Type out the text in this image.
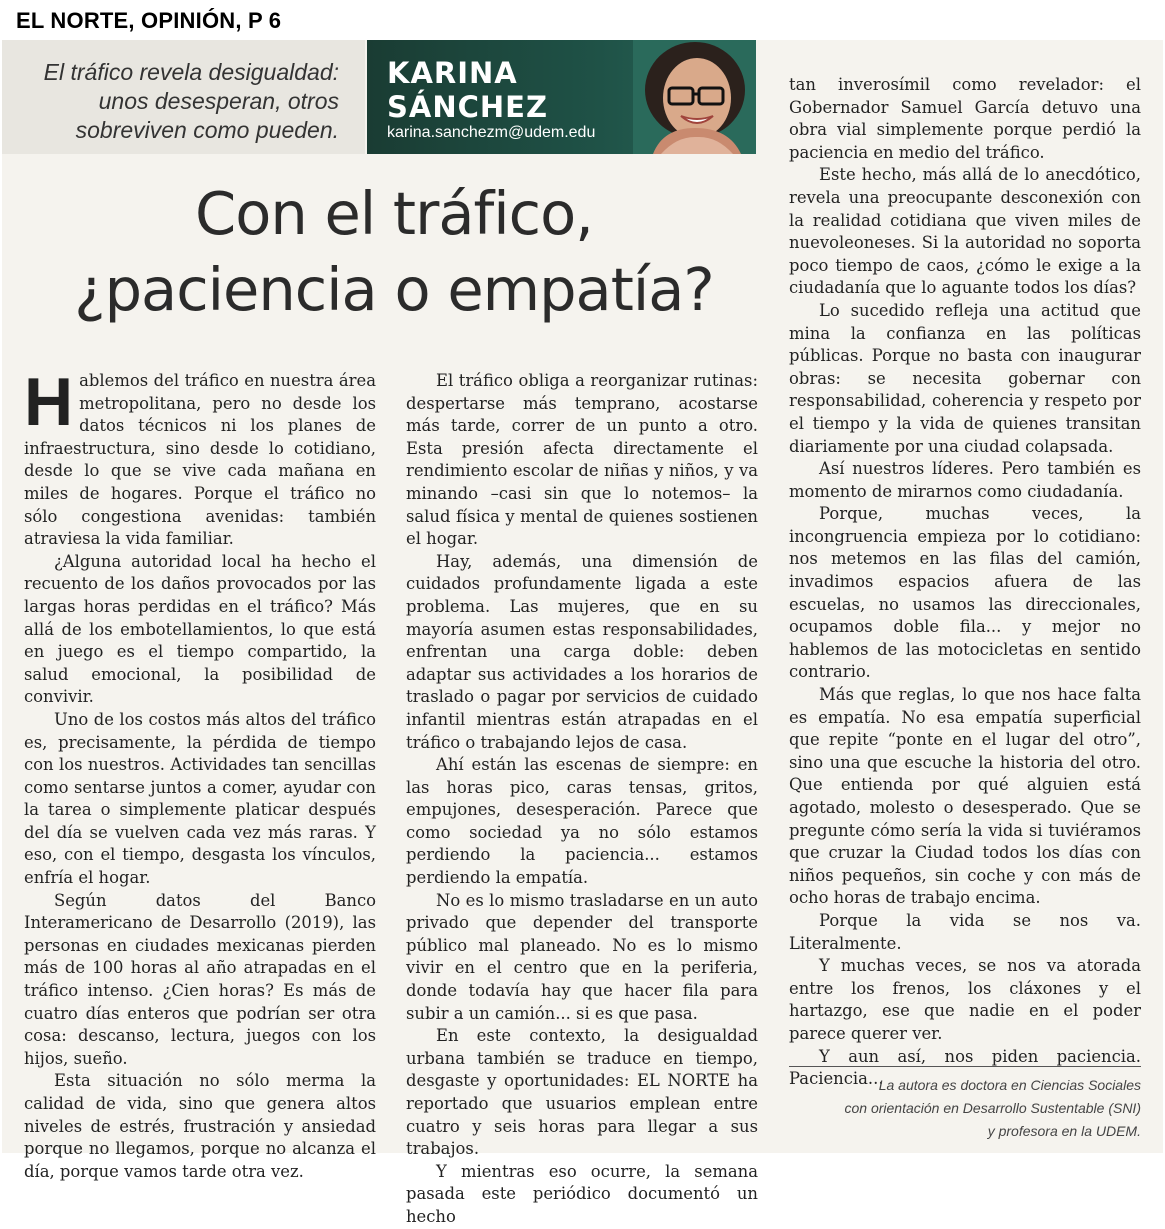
EL NORTE, OPINIÓN, P 6
El tráfico revela desigualdad: unos desesperan, otros sobreviven como pueden.
KARINA
SÁNCHEZ
karina.sanchezm@udem.edu
Con el tráfico,
¿paciencia o empatía?

Hablemos del tráfico en nuestra área metropolitana, pero no desde los datos técnicos ni los planes de infraestructura, sino desde lo cotidiano, desde lo que se vive cada mañana en miles de hogares. Porque el tráfico no sólo congestiona avenidas: también atraviesa la vida familiar.

¿Alguna autoridad local ha hecho el recuento de los daños provocados por las largas horas perdidas en el tráfico? Más allá de los embotellamientos, lo que está en juego es el tiempo compartido, la salud emocional, la posibilidad de convivir.

Uno de los costos más altos del tráfico es, precisamente, la pérdida de tiempo con los nuestros. Actividades tan sencillas como sentarse juntos a comer, ayudar con la tarea o simplemente platicar después del día se vuelven cada vez más raras. Y eso, con el tiempo, desgasta los vínculos, enfría el hogar.

Según datos del Banco Interamericano de Desarrollo (2019), las personas en ciudades mexicanas pierden más de 100 horas al año atrapadas en el tráfico intenso. ¿Cien horas? Es más de cuatro días enteros que podrían ser otra cosa: descanso, lectura, juegos con los hijos, sueño.

Esta situación no sólo merma la calidad de vida, sino que genera altos niveles de estrés, frustración y ansiedad porque no llegamos, porque no alcanza el día, porque vamos tarde otra vez.

El tráfico obliga a reorganizar rutinas: despertarse más temprano, acostarse más tarde, correr de un punto a otro. Esta presión afecta directamente el rendimiento escolar de niñas y niños, y va minando –casi sin que lo notemos– la salud física y mental de quienes sostienen el hogar.

Hay, además, una dimensión de cuidados profundamente ligada a este problema. Las mujeres, que en su mayoría asumen estas responsabilidades, enfrentan una carga doble: deben adaptar sus actividades a los horarios de traslado o pagar por servicios de cuidado infantil mientras están atrapadas en el tráfico o trabajando lejos de casa.

Ahí están las escenas de siempre: en las horas pico, caras tensas, gritos, empujones, desesperación. Parece que como sociedad ya no sólo estamos perdiendo la paciencia... estamos perdiendo la empatía.

No es lo mismo trasladarse en un auto privado que depender del transporte público mal planeado. No es lo mismo vivir en el centro que en la periferia, donde todavía hay que hacer fila para subir a un camión... si es que pasa.

En este contexto, la desigualdad urbana también se traduce en tiempo, desgaste y oportunidades: EL NORTE ha reportado que usuarios emplean entre cuatro y seis horas para llegar a sus trabajos.

Y mientras eso ocurre, la semana pasada este periódico documentó un hecho

tan inverosímil como revelador: el Gobernador Samuel García detuvo una obra vial simplemente porque perdió la paciencia en medio del tráfico.

Este hecho, más allá de lo anecdótico, revela una preocupante desconexión con la realidad cotidiana que viven miles de nuevoleoneses. Si la autoridad no soporta poco tiempo de caos, ¿cómo le exige a la ciudadanía que lo aguante todos los días?

Lo sucedido refleja una actitud que mina la confianza en las políticas públicas. Porque no basta con inaugurar obras: se necesita gobernar con responsabilidad, coherencia y respeto por el tiempo y la vida de quienes transitan diariamente por una ciudad colapsada.

Así nuestros líderes. Pero también es momento de mirarnos como ciudadanía.

Porque, muchas veces, la incongruencia empieza por lo cotidiano: nos metemos en las filas del camión, invadimos espacios afuera de las escuelas, no usamos las direccionales, ocupamos doble fila... y mejor no hablemos de las motocicletas en sentido contrario.

Más que reglas, lo que nos hace falta es empatía. No esa empatía superficial que repite “ponte en el lugar del otro”, sino una que escuche la historia del otro. Que entienda por qué alguien está agotado, molesto o desesperado. Que se pregunte cómo sería la vida si tuviéramos que cruzar la Ciudad todos los días con niños pequeños, sin coche y con más de ocho horas de trabajo encima.

Porque la vida se nos va. Literalmente.

Y muchas veces, se nos va atorada entre los frenos, los cláxones y el hartazgo, ese que nadie en el poder parece querer ver.

Y aun así, nos piden paciencia. Paciencia...

La autora es doctora en Ciencias Sociales
con orientación en Desarrollo Sustentable (SNI)
y profesora en la UDEM.
